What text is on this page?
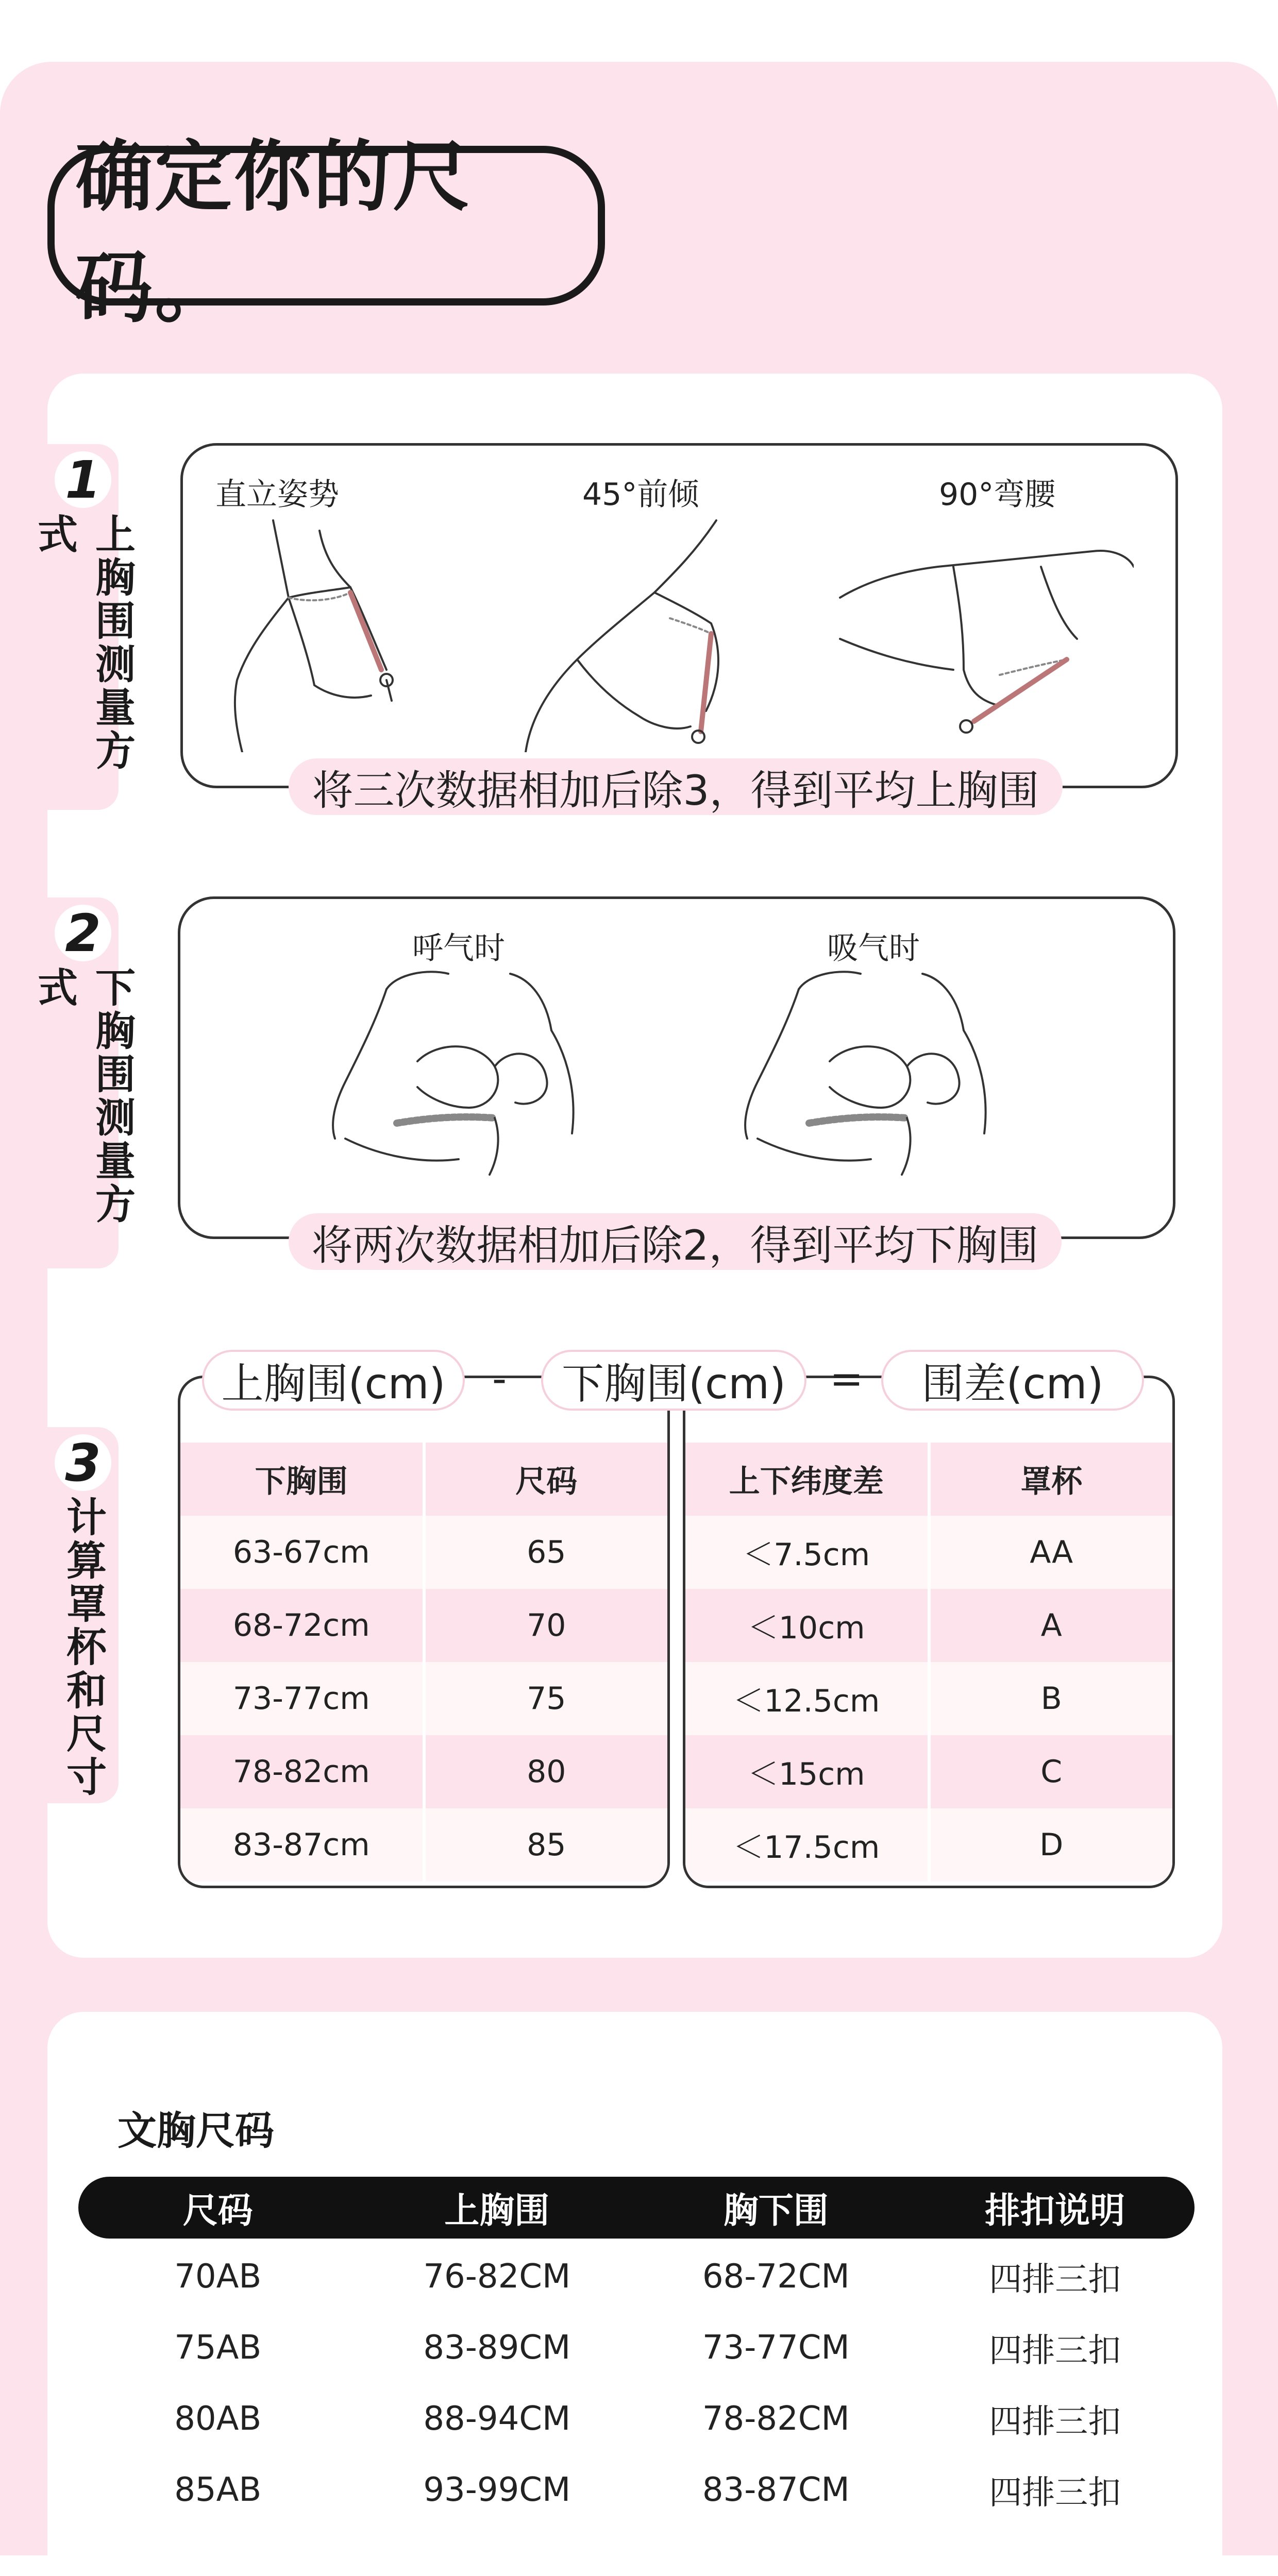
确定你的尺码。
1
上胸围测量方式
直立姿势	45°前倾	90°弯腰
将三次数据相加后除3，得到平均上胸围
2
下胸围测量方式
呼气时	吸气时
将两次数据相加后除2，得到平均下胸围
3
计算罩杯和尺寸
下胸围	尺码
63-67cm	65
68-72cm	70
73-77cm	75
78-82cm	80
83-87cm	85
上下纬度差	罩杯
＜7.5cm	AA
＜10cm	A
＜12.5cm	B
＜15cm	C
＜17.5cm	D
上胸围(cm)	-	下胸围(cm)	=	围差(cm)
文胸尺码
尺码	上胸围	胸下围	排扣说明
70AB	76-82CM	68-72CM	四排三扣
75AB	83-89CM	73-77CM	四排三扣
80AB	88-94CM	78-82CM	四排三扣
85AB	93-99CM	83-87CM	四排三扣
